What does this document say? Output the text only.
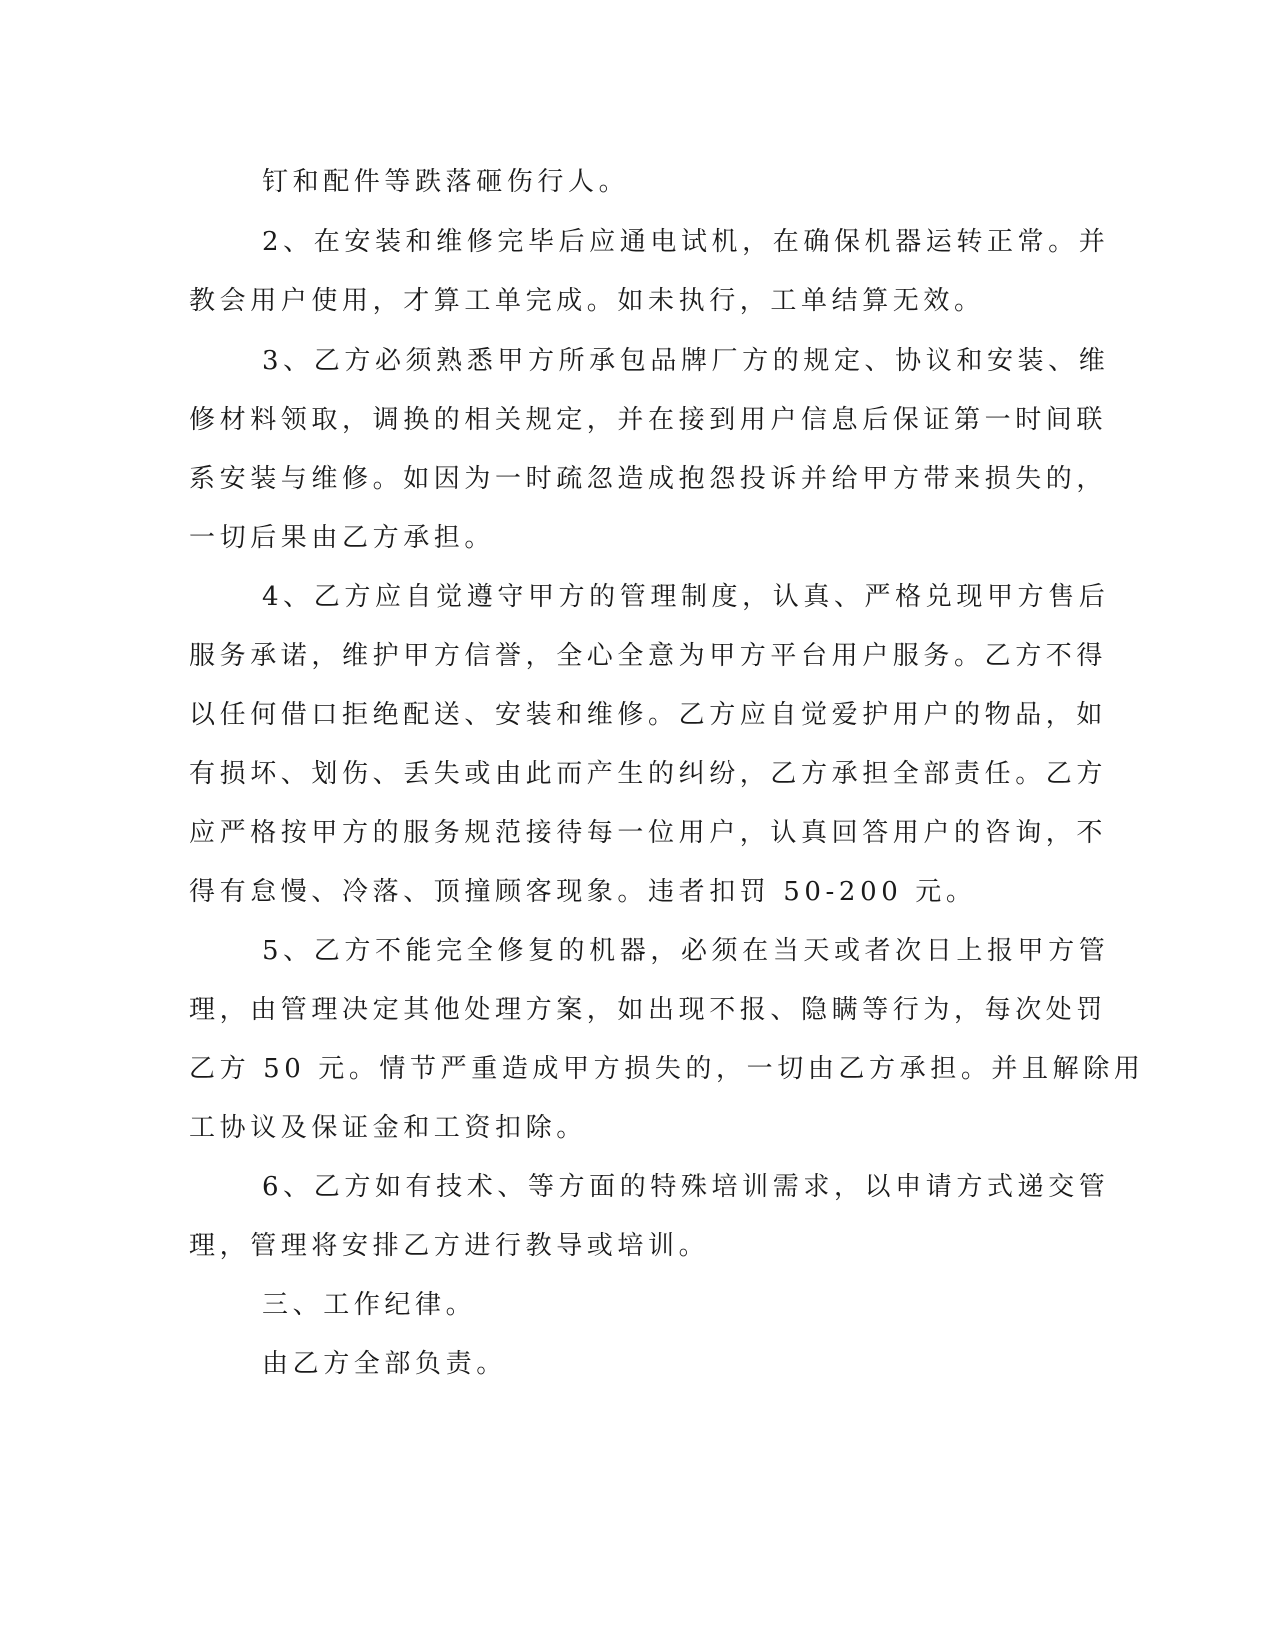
钉和配件等跌落砸伤行人。

2、在安装和维修完毕后应通电试机，在确保机器运转正常。并

教会用户使用，才算工单完成。如未执行，工单结算无效。

3、乙方必须熟悉甲方所承包品牌厂方的规定、协议和安装、维

修材料领取，调换的相关规定，并在接到用户信息后保证第一时间联

系安装与维修。如因为一时疏忽造成抱怨投诉并给甲方带来损失的，

一切后果由乙方承担。

4、乙方应自觉遵守甲方的管理制度，认真、严格兑现甲方售后

服务承诺，维护甲方信誉，全心全意为甲方平台用户服务。乙方不得

以任何借口拒绝配送、安装和维修。乙方应自觉爱护用户的物品，如

有损坏、划伤、丢失或由此而产生的纠纷，乙方承担全部责任。乙方

应严格按甲方的服务规范接待每一位用户，认真回答用户的咨询，不

得有怠慢、冷落、顶撞顾客现象。违者扣罚 50-200 元。

5、乙方不能完全修复的机器，必须在当天或者次日上报甲方管

理，由管理决定其他处理方案，如出现不报、隐瞒等行为，每次处罚

乙方 50 元。情节严重造成甲方损失的，一切由乙方承担。并且解除用

工协议及保证金和工资扣除。

6、乙方如有技术、等方面的特殊培训需求，以申请方式递交管

理，管理将安排乙方进行教导或培训。

三、工作纪律。

由乙方全部负责。
